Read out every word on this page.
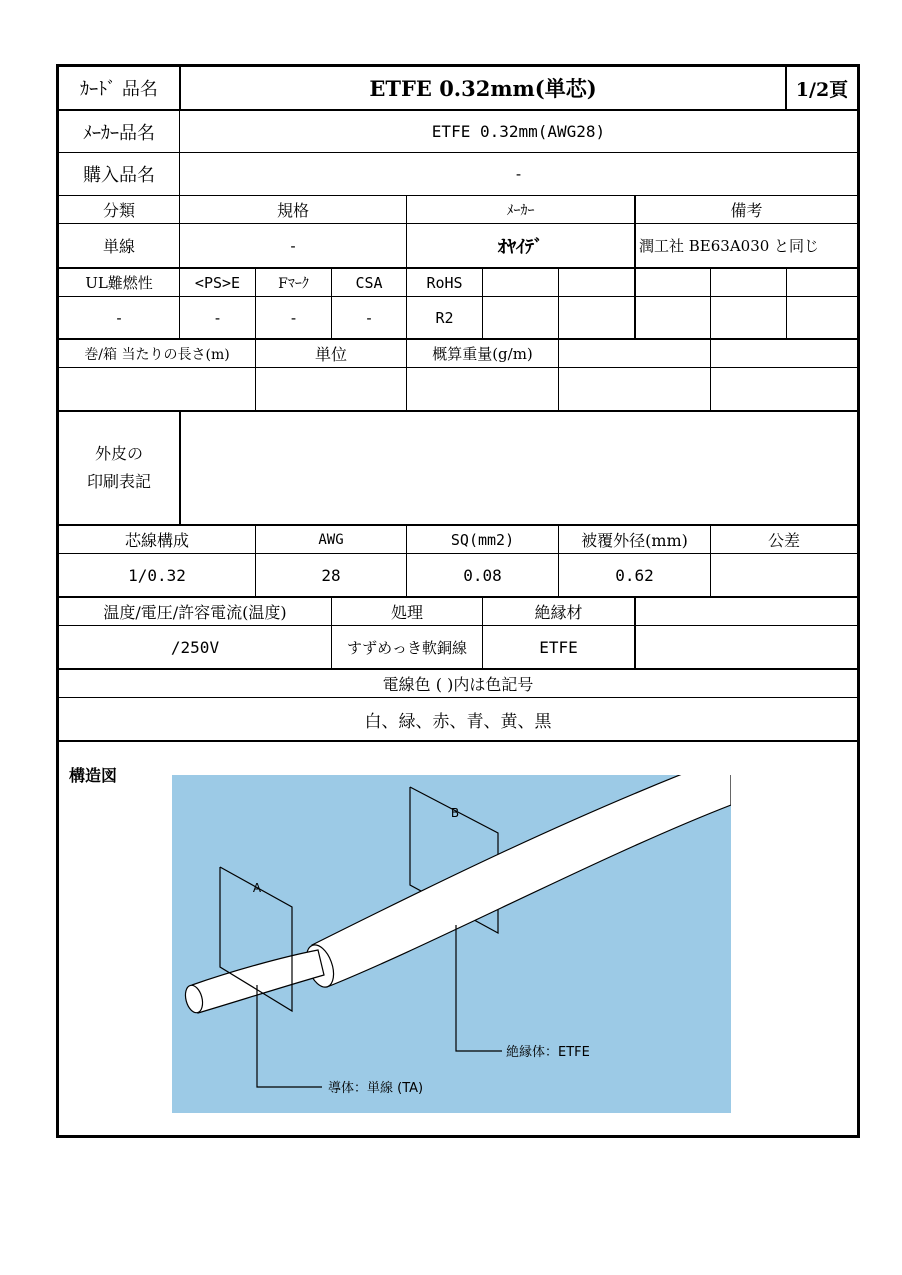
ｶｰﾄﾞ 品名	ETFE 0.32mm(単芯)	1/2頁
ﾒｰｶｰ品名	ETFE 0.32mm(AWG28)
購入品名	-
分類	規格	ﾒｰｶｰ	備考
単線	-	ｵﾔｲﾃﾞ	潤工社 BE63A030 と同じ
UL難燃性	<PS>E	Fﾏｰｸ	CSA	RoHS
-	-	-	-	R2
巻/箱 当たりの長さ(m)	単位	概算重量(g/m)
外皮の
印刷表記
芯線構成	AWG	SQ(mm2)	被覆外径(mm)	公差
1/0.32	28	0.08	0.62
温度/電圧/許容電流(温度)	処理	絶縁材
/250V	すずめっき軟銅線	ETFE
電線色 ( )内は色記号
白、緑、赤、青、黄、黒
構造図
A
B
絶縁体：ETFE
導体：単線 (TA)
